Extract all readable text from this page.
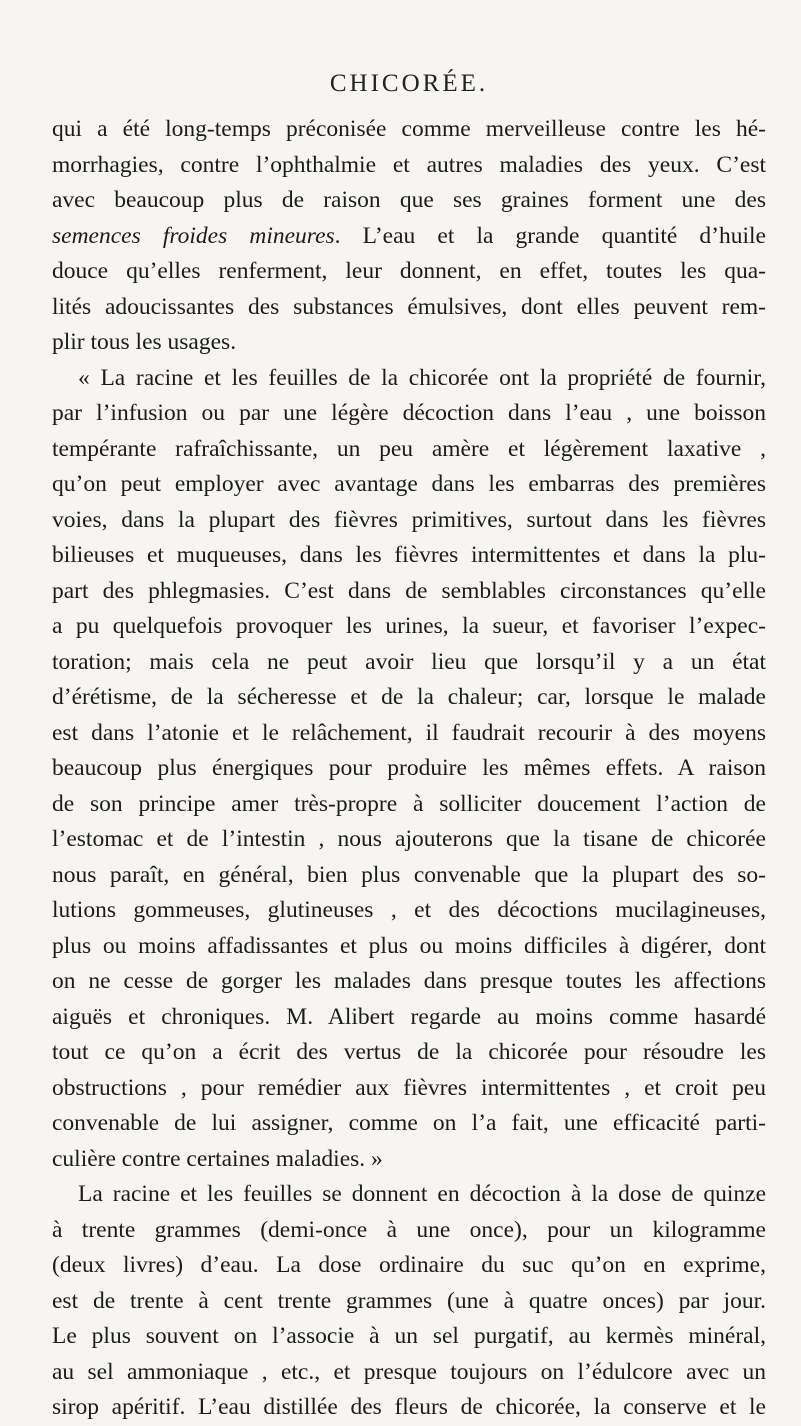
CHICORÉE.
qui a été long-temps préconisée comme merveilleuse contre les hé-
morrhagies, contre l’ophthalmie et autres maladies des yeux. C’est
avec beaucoup plus de raison que ses graines forment une des
semences froides mineures. L’eau et la grande quantité d’huile
douce qu’elles renferment, leur donnent, en effet, toutes les qua-
lités adoucissantes des substances émulsives, dont elles peuvent rem-
plir tous les usages.
« La racine et les feuilles de la chicorée ont la propriété de fournir,
par l’infusion ou par une légère décoction dans l’eau , une boisson
tempérante rafraîchissante, un peu amère et légèrement laxative ,
qu’on peut employer avec avantage dans les embarras des premières
voies, dans la plupart des fièvres primitives, surtout dans les fièvres
bilieuses et muqueuses, dans les fièvres intermittentes et dans la plu-
part des phlegmasies. C’est dans de semblables circonstances qu’elle
a pu quelquefois provoquer les urines, la sueur, et favoriser l’expec-
toration; mais cela ne peut avoir lieu que lorsqu’il y a un état
d’érétisme, de la sécheresse et de la chaleur; car, lorsque le malade
est dans l’atonie et le relâchement, il faudrait recourir à des moyens
beaucoup plus énergiques pour produire les mêmes effets. A raison
de son principe amer très-propre à solliciter doucement l’action de
l’estomac et de l’intestin , nous ajouterons que la tisane de chicorée
nous paraît, en général, bien plus convenable que la plupart des so-
lutions gommeuses, glutineuses , et des décoctions mucilagineuses,
plus ou moins affadissantes et plus ou moins difficiles à digérer, dont
on ne cesse de gorger les malades dans presque toutes les affections
aiguës et chroniques. M. Alibert regarde au moins comme hasardé
tout ce qu’on a écrit des vertus de la chicorée pour résoudre les
obstructions , pour remédier aux fièvres intermittentes , et croit peu
convenable de lui assigner, comme on l’a fait, une efficacité parti-
culière contre certaines maladies. »
La racine et les feuilles se donnent en décoction à la dose de quinze
à trente grammes (demi-once à une once), pour un kilogramme
(deux livres) d’eau. La dose ordinaire du suc qu’on en exprime,
est de trente à cent trente grammes (une à quatre onces) par jour.
Le plus souvent on l’associe à un sel purgatif, au kermès minéral,
au sel ammoniaque , etc., et presque toujours on l’édulcore avec un
sirop apéritif. L’eau distillée des fleurs de chicorée, la conserve et le
